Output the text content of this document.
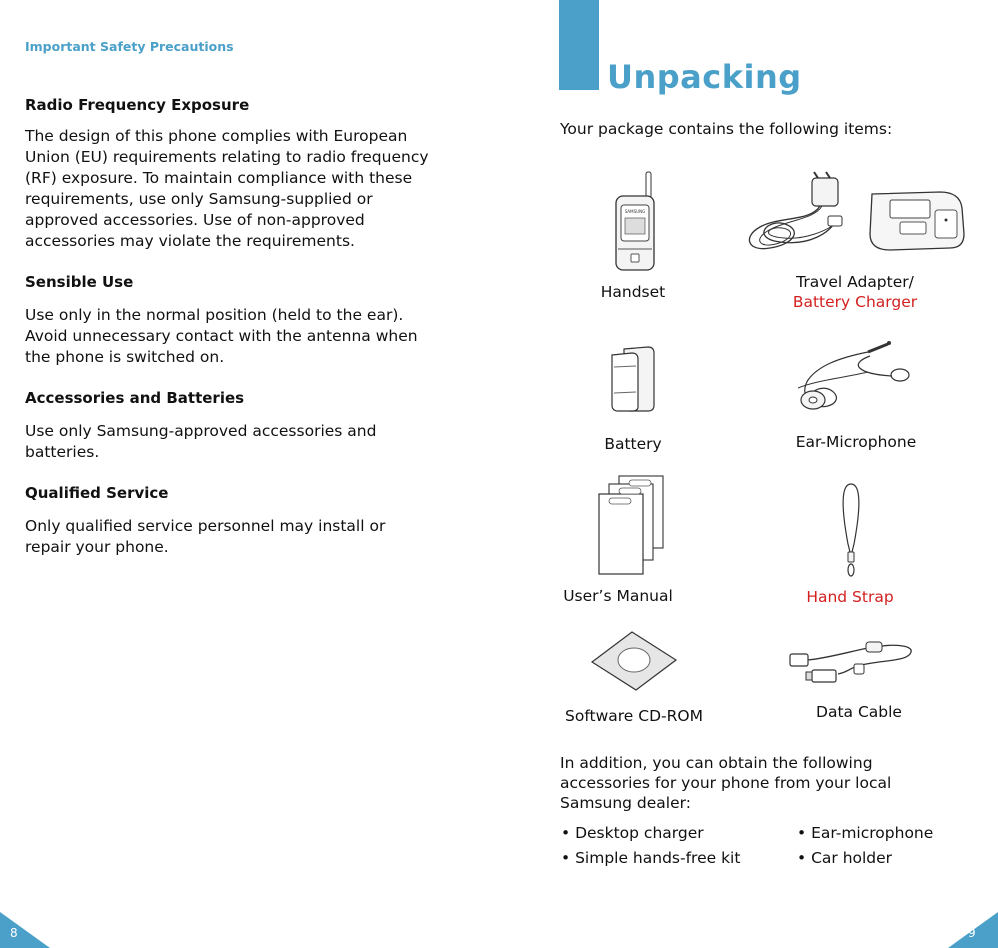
Important Safety Precautions
Radio Frequency Exposure
The design of this phone complies with European
Union (EU) requirements relating to radio frequency
(RF) exposure. To maintain compliance with these
requirements, use only Samsung-supplied or
approved accessories. Use of non-approved
accessories may violate the requirements.
Sensible Use
Use only in the normal position (held to the ear).
Avoid unnecessary contact with the antenna when
the phone is switched on.
Accessories and Batteries
Use only Samsung-approved accessories and
batteries.
Qualified Service
Only qualified service personnel may install or
repair your phone.
8
Unpacking
Your package contains the following items:
SAMSUNG
Handset
Travel Adapter/
Battery Charger
Battery	Ear-Microphone
User’s Manual	Hand Strap
Software CD-ROM	Data Cable
In addition, you can obtain the following
accessories for your phone from your local
Samsung dealer:
• Desktop charger	• Ear-microphone
• Simple hands-free kit	• Car holder
9
